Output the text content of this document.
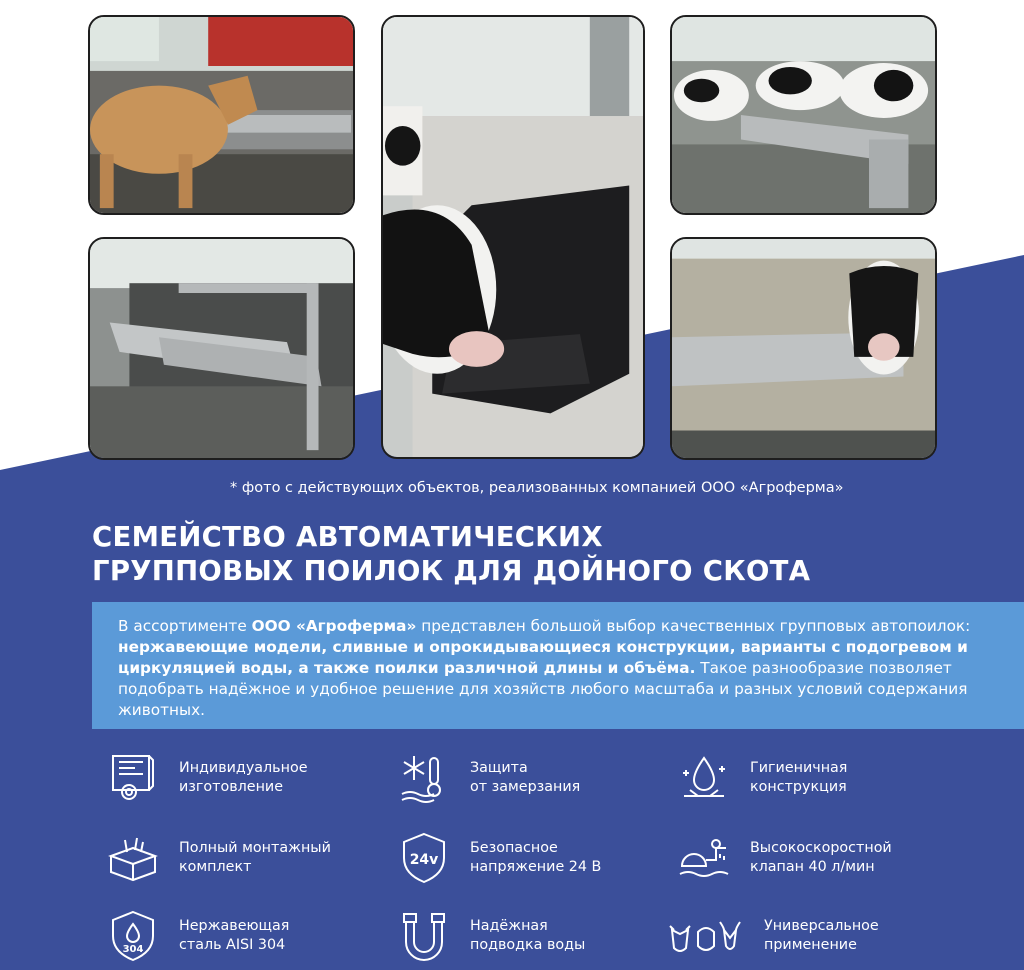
* фото с действующих объектов, реализованных компанией ООО «Агроферма»
СЕМЕЙСТВО АВТОМАТИЧЕСКИХ
ГРУППОВЫХ ПОИЛОК ДЛЯ ДОЙНОГО СКОТА
В ассортименте ООО «Агроферма» представлен большой выбор качественных групповых автопоилок: нержавеющие модели, сливные и опрокидывающиеся конструкции, варианты с подогревом и циркуляцией воды, а также поилки различной длины и объёма. Такое разнообразие позволяет подобрать надёжное и удобное решение для хозяйств любого масштаба и разных условий содержания животных.
Индивидуальное
изготовление
Защита
от замерзания
Гигиеничная
конструкция
Полный монтажный
комплект	24v
Безопасное
напряжение 24 В
Высокоскоростной
клапан 40 л/мин
304
Нержавеющая
сталь AISI 304
Надёжная
подводка воды
Универсальное
применение
